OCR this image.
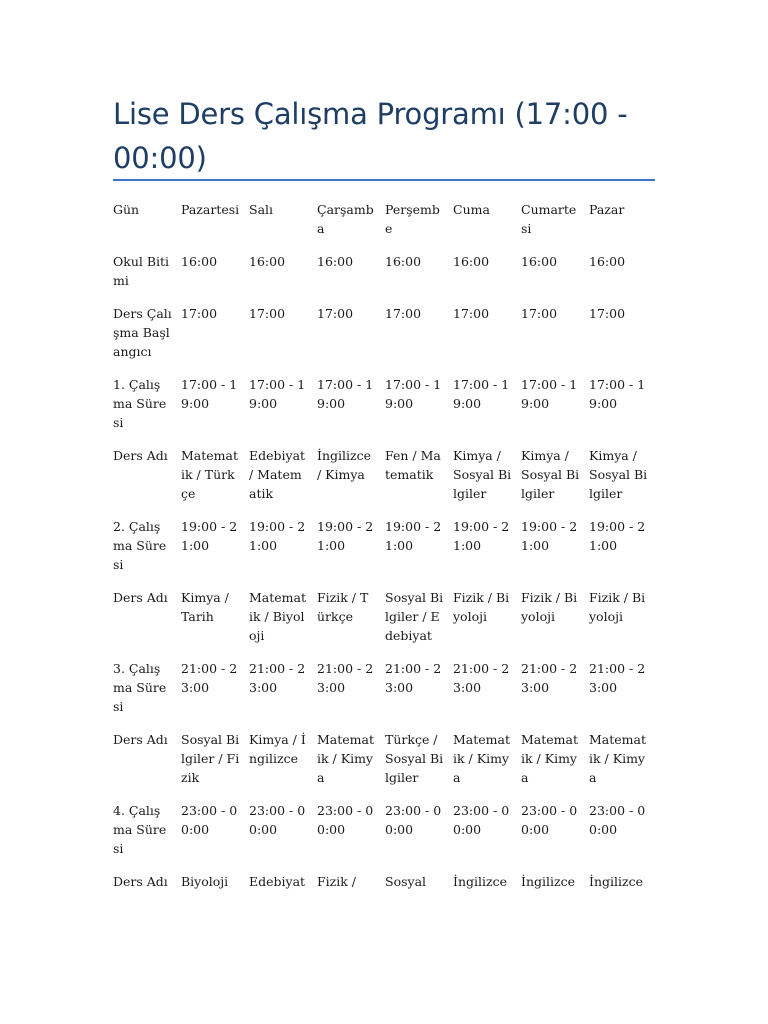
Lise Ders Çalışma Programı (17:00 - 00:00)
Gün	Pazartesi	Salı	Çarşamba	Perşembe	Cuma	Cumartesi	Pazar
Okul Bitimi	16:00	16:00	16:00	16:00	16:00	16:00	16:00
Ders Çalışma Başlangıcı	17:00	17:00	17:00	17:00	17:00	17:00	17:00
1. Çalışma Süresi	17:00 - 19:00	17:00 - 19:00	17:00 - 19:00	17:00 - 19:00	17:00 - 19:00	17:00 - 19:00	17:00 - 19:00
Ders Adı	Matematik / Türkçe	Edebiyat / Matematik	İngilizce / Kimya	Fen / Matematik	Kimya / Sosyal Bilgiler	Kimya / Sosyal Bilgiler	Kimya / Sosyal Bilgiler
2. Çalışma Süresi	19:00 - 21:00	19:00 - 21:00	19:00 - 21:00	19:00 - 21:00	19:00 - 21:00	19:00 - 21:00	19:00 - 21:00
Ders Adı	Kimya / Tarih	Matematik / Biyoloji	Fizik / Türkçe	Sosyal Bilgiler / Edebiyat	Fizik / Biyoloji	Fizik / Biyoloji	Fizik / Biyoloji
3. Çalışma Süresi	21:00 - 23:00	21:00 - 23:00	21:00 - 23:00	21:00 - 23:00	21:00 - 23:00	21:00 - 23:00	21:00 - 23:00
Ders Adı	Sosyal Bilgiler / Fizik	Kimya / İngilizce	Matematik / Kimya	Türkçe / Sosyal Bilgiler	Matematik / Kimya	Matematik / Kimya	Matematik / Kimya
4. Çalışma Süresi	23:00 - 00:00	23:00 - 00:00	23:00 - 00:00	23:00 - 00:00	23:00 - 00:00	23:00 - 00:00	23:00 - 00:00
Ders Adı	Biyoloji	Edebiyat	Fizik /	Sosyal	İngilizce	İngilizce	İngilizce
